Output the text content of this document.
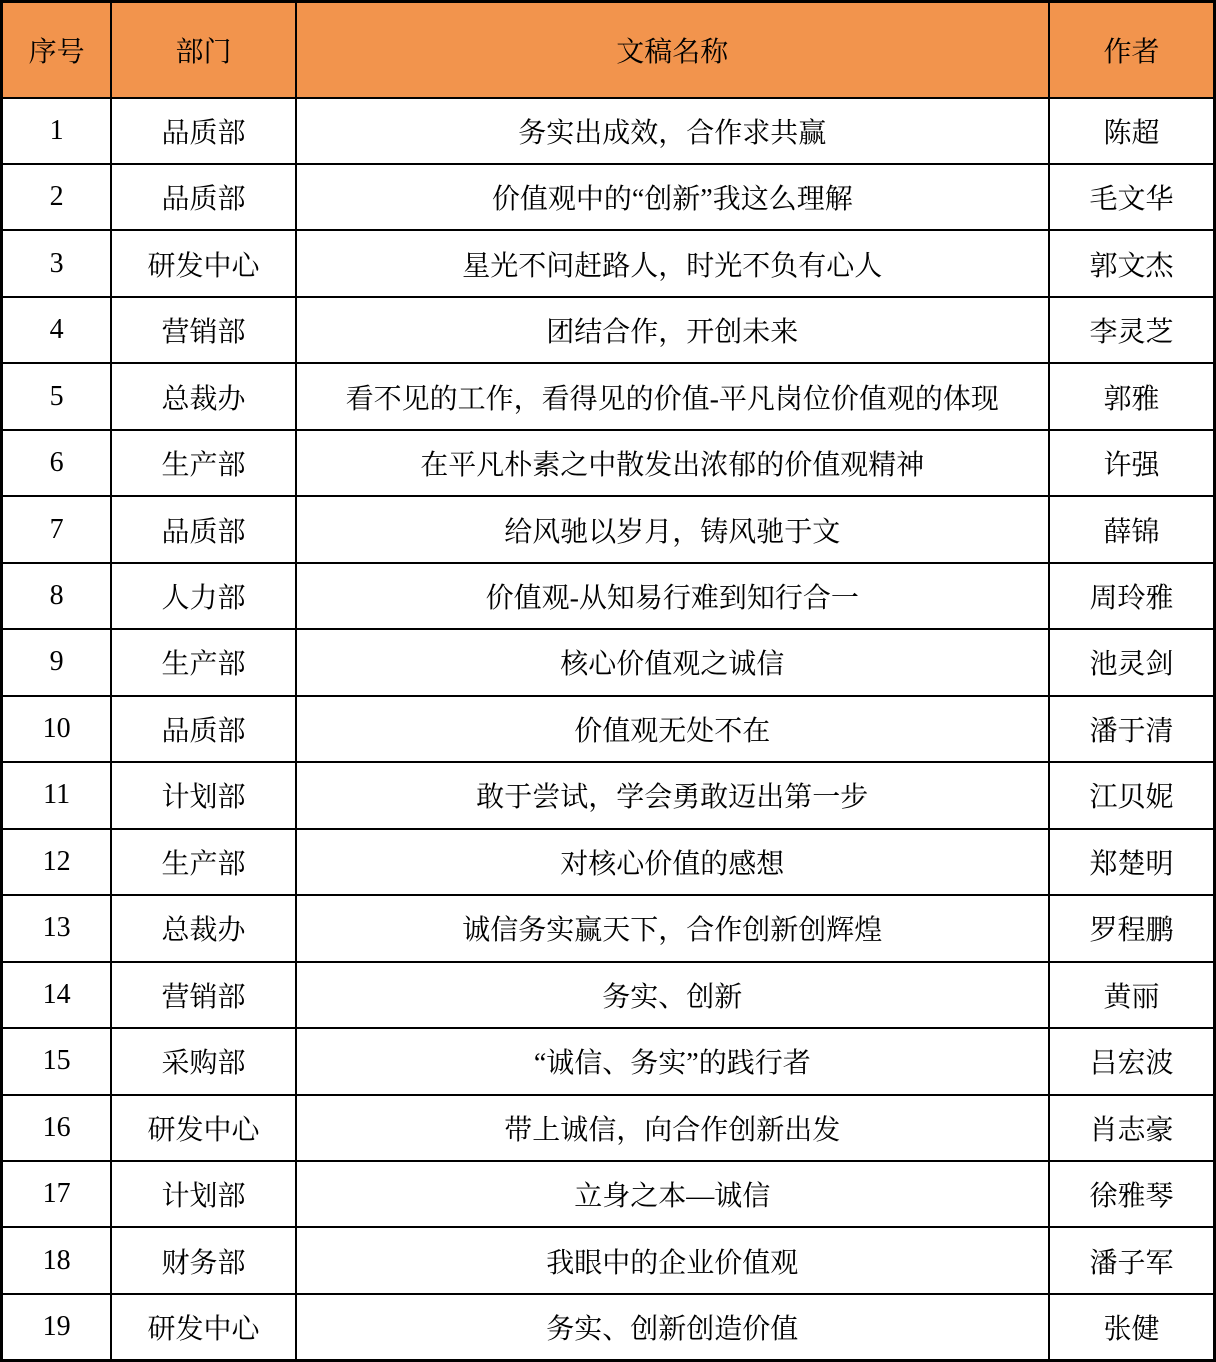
序号	部门	文稿名称	作者
1	品质部	务实出成效，合作求共赢	陈超
2	品质部	价值观中的“创新”我这么理解	毛文华
3	研发中心	星光不问赶路人，时光不负有心人	郭文杰
4	营销部	团结合作，开创未来	李灵芝
5	总裁办	看不见的工作，看得见的价值-平凡岗位价值观的体现	郭雅
6	生产部	在平凡朴素之中散发出浓郁的价值观精神	许强
7	品质部	给风驰以岁月，铸风驰于文	薛锦
8	人力部	价值观-从知易行难到知行合一	周玲雅
9	生产部	核心价值观之诚信	池灵剑
10	品质部	价值观无处不在	潘于清
11	计划部	敢于尝试，学会勇敢迈出第一步	江贝妮
12	生产部	对核心价值的感想	郑楚明
13	总裁办	诚信务实赢天下，合作创新创辉煌	罗程鹏
14	营销部	务实、创新	黄丽
15	采购部	“诚信、务实”的践行者	吕宏波
16	研发中心	带上诚信，向合作创新出发	肖志豪
17	计划部	立身之本—诚信	徐雅琴
18	财务部	我眼中的企业价值观	潘子军
19	研发中心	务实、创新创造价值	张健
